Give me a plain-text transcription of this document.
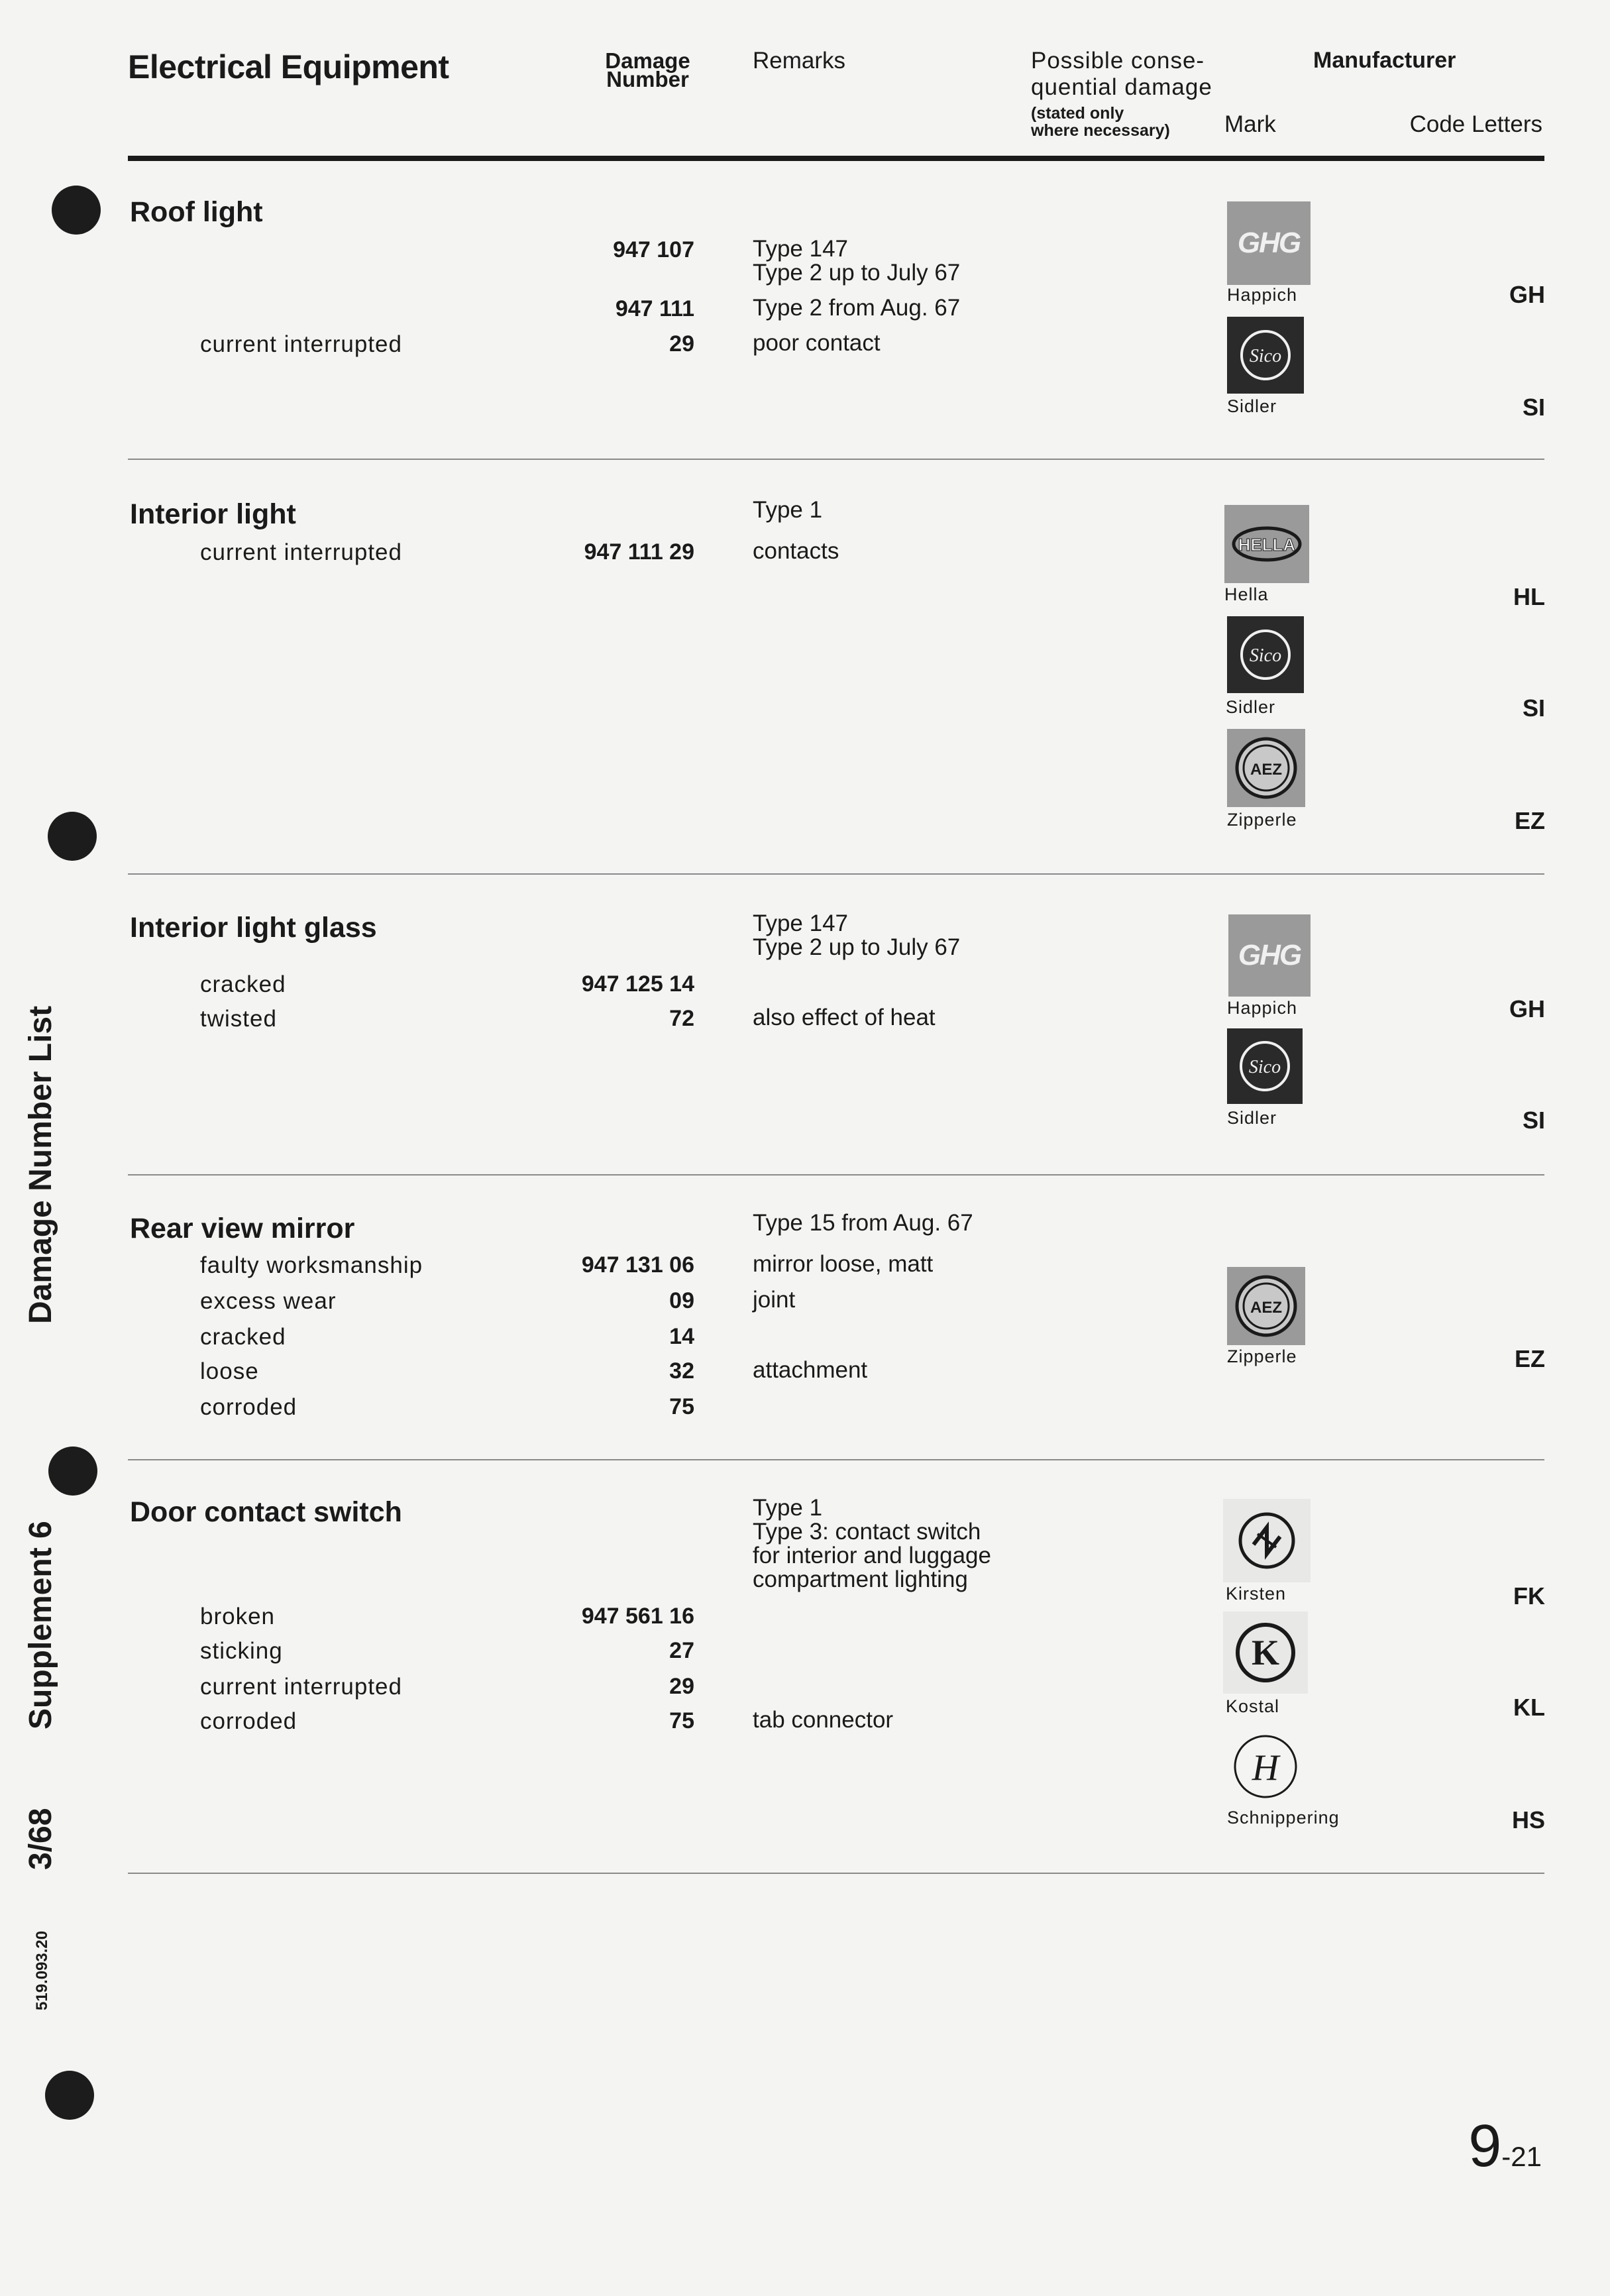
Electrical Equipment	Damage
Number
Remarks	Possible conse-
quential damage
(stated only
where necessary)
Manufacturer
Mark	Code Letters
Roof light
947 107	Type 147
Type 2 up to July 67
947 111	Type 2 from Aug. 67
current interrupted	29	poor contact
GHG
Happich	GH
Sico
Sidler	SI
Interior light	Type 1
current interrupted	947 111 29	contacts	HELLA
Hella	HL
Sico
Sidler	SI
AEZ
Zipperle	EZ
Interior light glass	Type 147
Type 2 up to July 67
cracked	947 125 14
twisted	72	also effect of heat
GHG
Happich	GH
Sico
Sidler	SI
Rear view mirror	Type 15 from Aug. 67
faulty worksmanship	947 131 06	mirror loose, matt
excess wear	09	joint
cracked	14
loose	32	attachment
corroded	75
AEZ
Zipperle	EZ
Door contact switch	Type 1
Type 3: contact switch
for interior and luggage
compartment lighting
broken	947 561 16
sticking	27
current interrupted	29
corroded	75	tab connector
Kirsten	FK
K
Kostal	KL
H
Schnippering	HS
Damage Number List
Supplement 6
3/68
519.093.20
9-21
